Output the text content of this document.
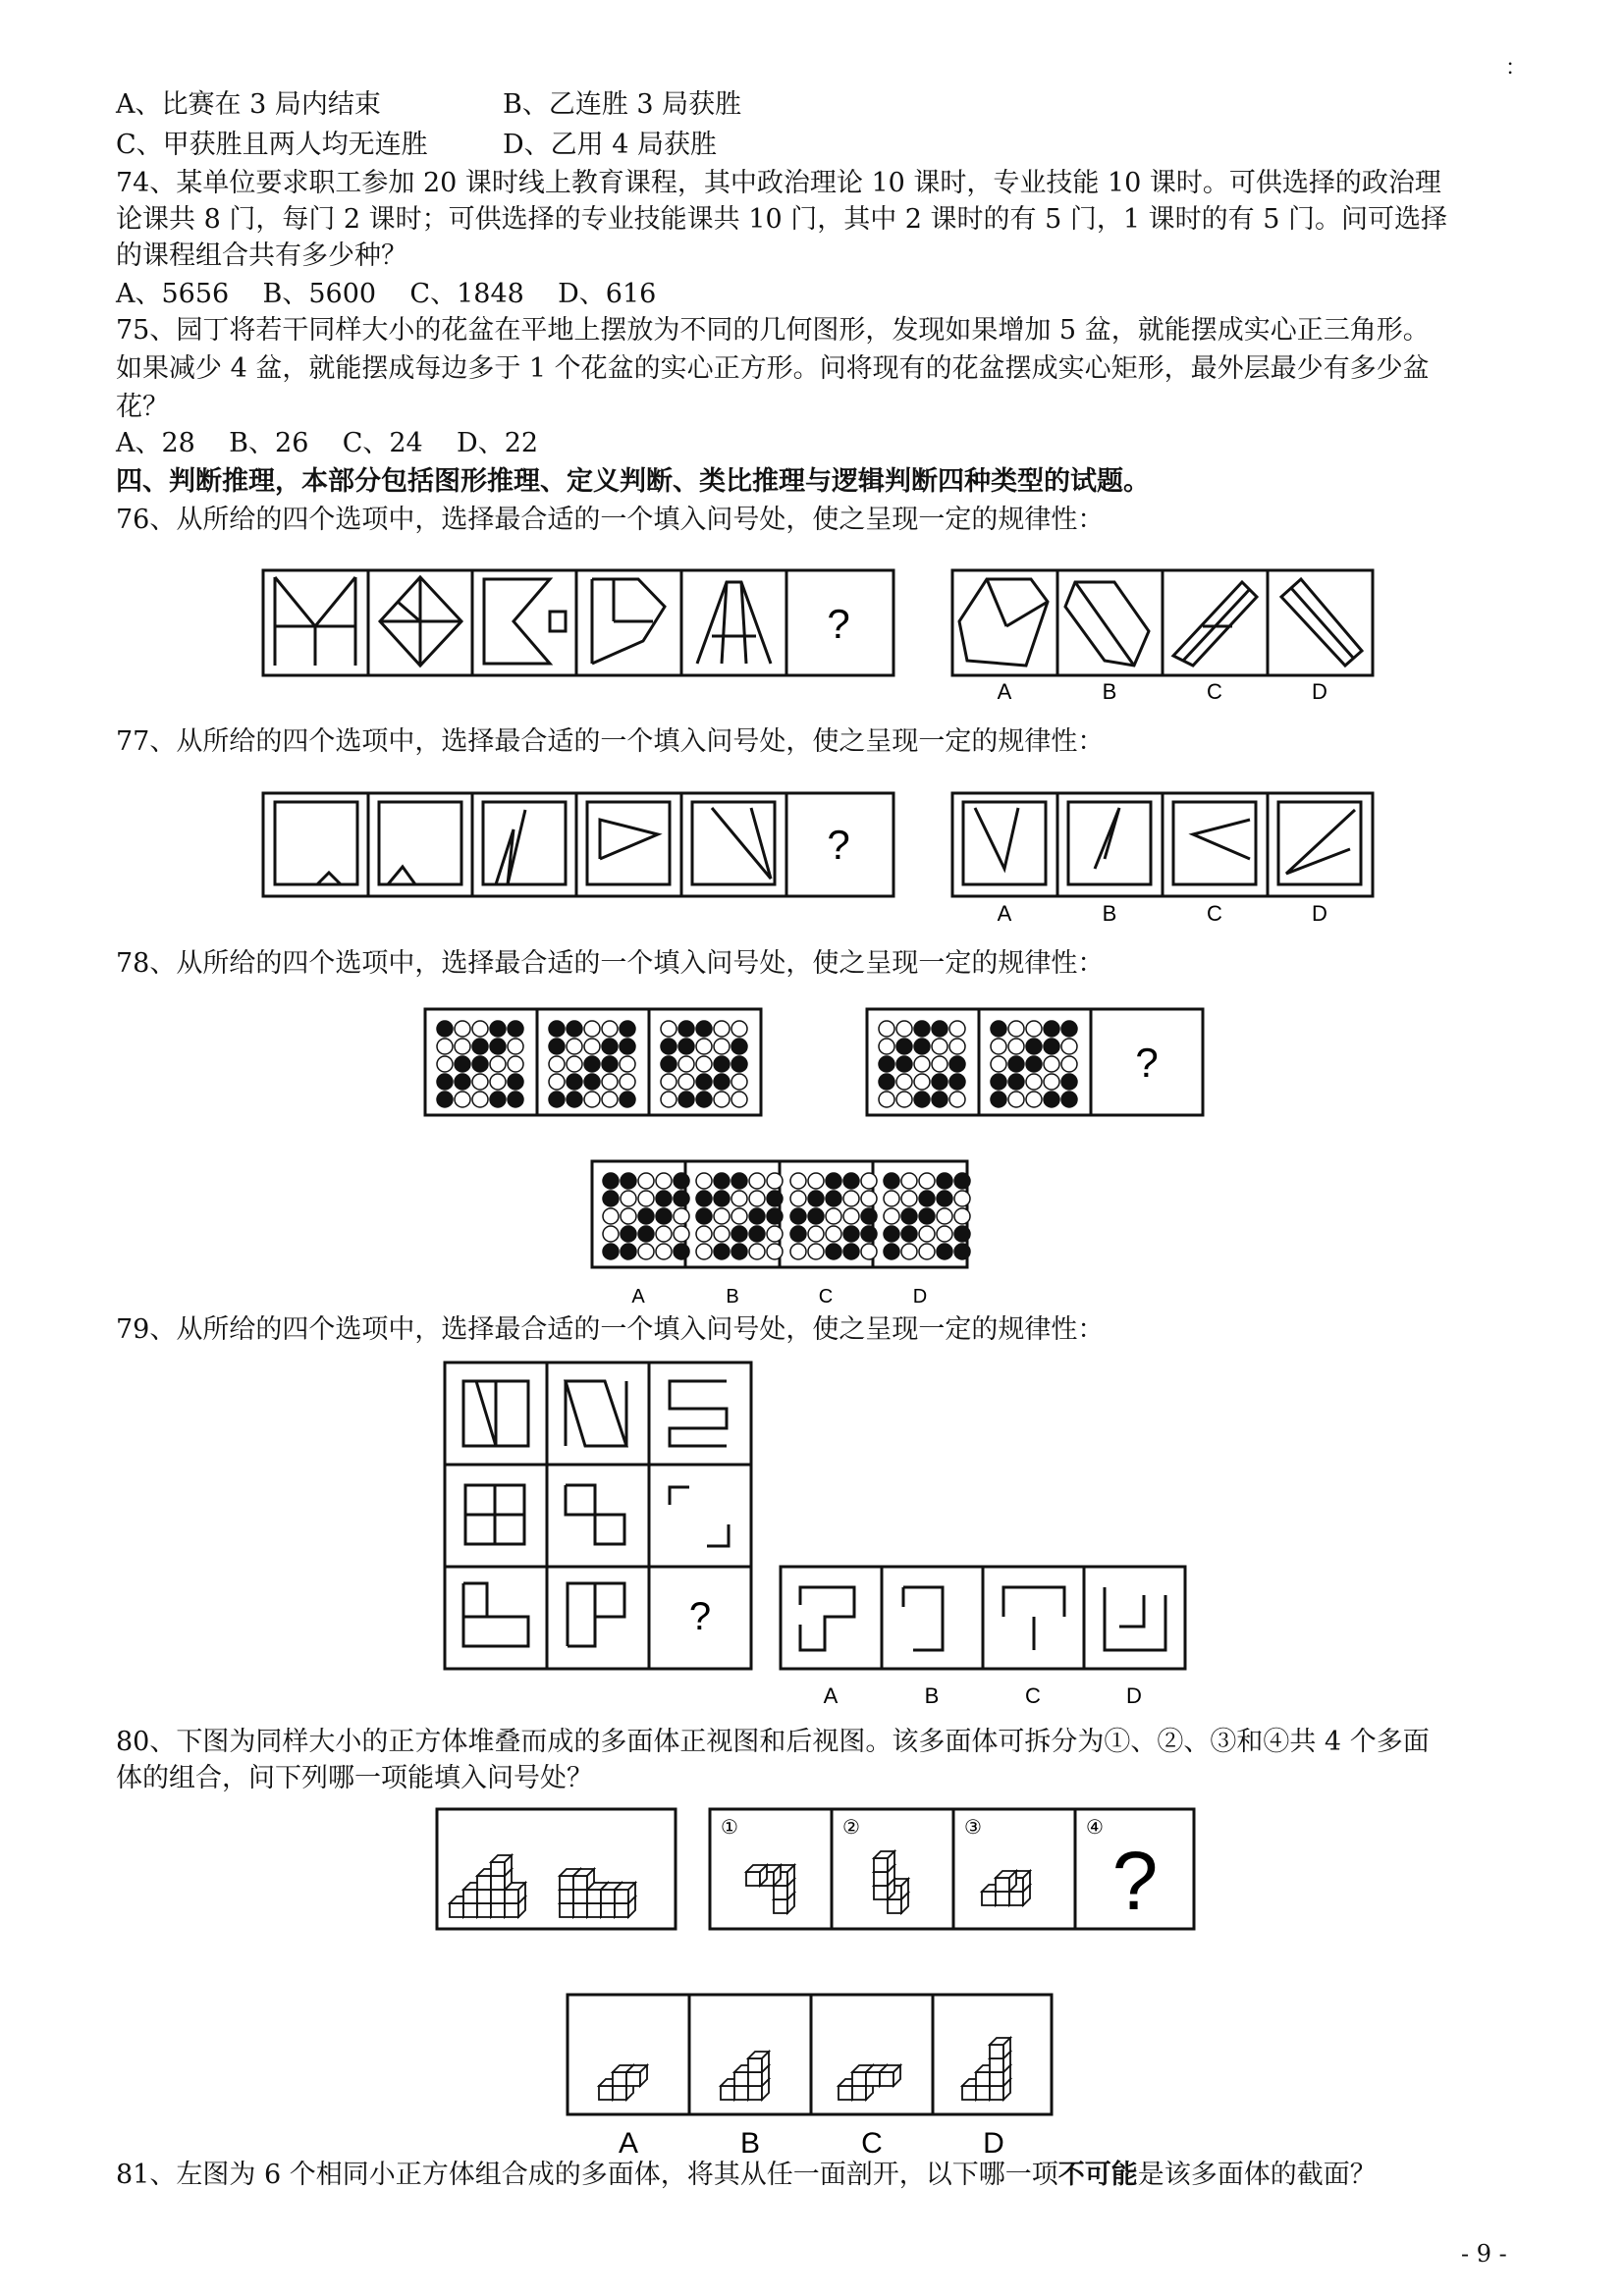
：
A、比赛在 3 局内结束	B、乙连胜 3 局获胜
C、甲获胜且两人均无连胜	D、乙用 4 局获胜
74、某单位要求职工参加 20 课时线上教育课程，其中政治理论 10 课时，专业技能 10 课时。可供选择的政治理
论课共 8 门，每门 2 课时；可供选择的专业技能课共 10 门，其中 2 课时的有 5 门，1 课时的有 5 门。问可选择
的课程组合共有多少种？
A、5656    B、5600    C、1848    D、616
75、园丁将若干同样大小的花盆在平地上摆放为不同的几何图形，发现如果增加 5 盆，就能摆成实心正三角形。
如果减少 4 盆，就能摆成每边多于 1 个花盆的实心正方形。问将现有的花盆摆成实心矩形，最外层最少有多少盆
花？
A、28    B、26    C、24    D、22
四、判断推理，本部分包括图形推理、定义判断、类比推理与逻辑判断四种类型的试题。
76、从所给的四个选项中，选择最合适的一个填入问号处，使之呈现一定的规律性：
?
A	B	C	D
77、从所给的四个选项中，选择最合适的一个填入问号处，使之呈现一定的规律性：
?
A	B	C	D
78、从所给的四个选项中，选择最合适的一个填入问号处，使之呈现一定的规律性：
?
A	B	C	D
79、从所给的四个选项中，选择最合适的一个填入问号处，使之呈现一定的规律性：
?
A	B	C	D
80、下图为同样大小的正方体堆叠而成的多面体正视图和后视图。该多面体可拆分为①、②、③和④共 4 个多面
体的组合，问下列哪一项能填入问号处？
①	②	③	④
?
A	B	C	D
81、左图为 6 个相同小正方体组合成的多面体，将其从任一面剖开，以下哪一项不可能是该多面体的截面？
- 9 -
